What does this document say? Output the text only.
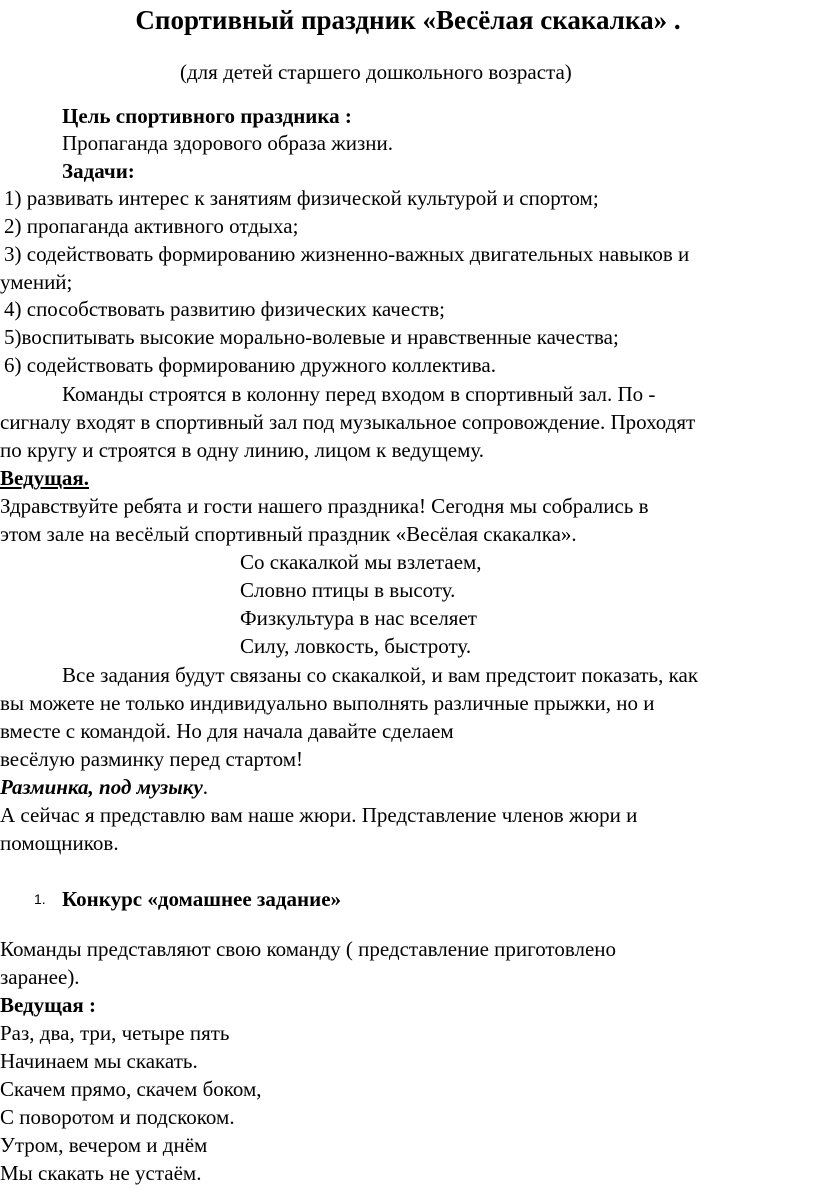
Спортивный праздник «Весёлая скакалка» .
(для детей старшего дошкольного возраста)
Цель спортивного праздника :
Пропаганда здорового образа жизни.
Задачи:
1) развивать интерес к занятиям физической культурой и спортом;
2) пропаганда активного отдыха;
3) содействовать формированию жизненно-важных двигательных навыков и
умений;
4) способствовать развитию физических качеств;
5)воспитывать высокие морально-волевые и нравственные качества;
6) содействовать формированию дружного коллектива.
Команды строятся в колонну перед входом в спортивный зал. По -
сигналу входят в спортивный зал под музыкальное сопровождение. Проходят
по кругу и строятся в одну линию, лицом к ведущему.
Ведущая.
Здравствуйте ребята и гости нашего праздника! Сегодня мы собрались в
этом зале на весёлый спортивный праздник «Весёлая скакалка».
Со скакалкой мы взлетаем,
Словно птицы в высоту.
Физкультура в нас вселяет
Силу, ловкость, быстроту.
Все задания будут связаны со скакалкой, и вам предстоит показать, как
вы можете не только индивидуально выполнять различные прыжки, но и
вместе с командой. Но для начала давайте сделаем
весёлую разминку перед стартом!
Разминка, под музыку.
А сейчас я представлю вам наше жюри. Представление членов жюри и
помощников.
1. Конкурс «домашнее задание»
Команды представляют свою команду ( представление приготовлено
заранее).
Ведущая :
Раз, два, три, четыре пять
Начинаем мы скакать.
Скачем прямо, скачем боком,
С поворотом и подскоком.
Утром, вечером и днём
Мы скакать не устаём.
